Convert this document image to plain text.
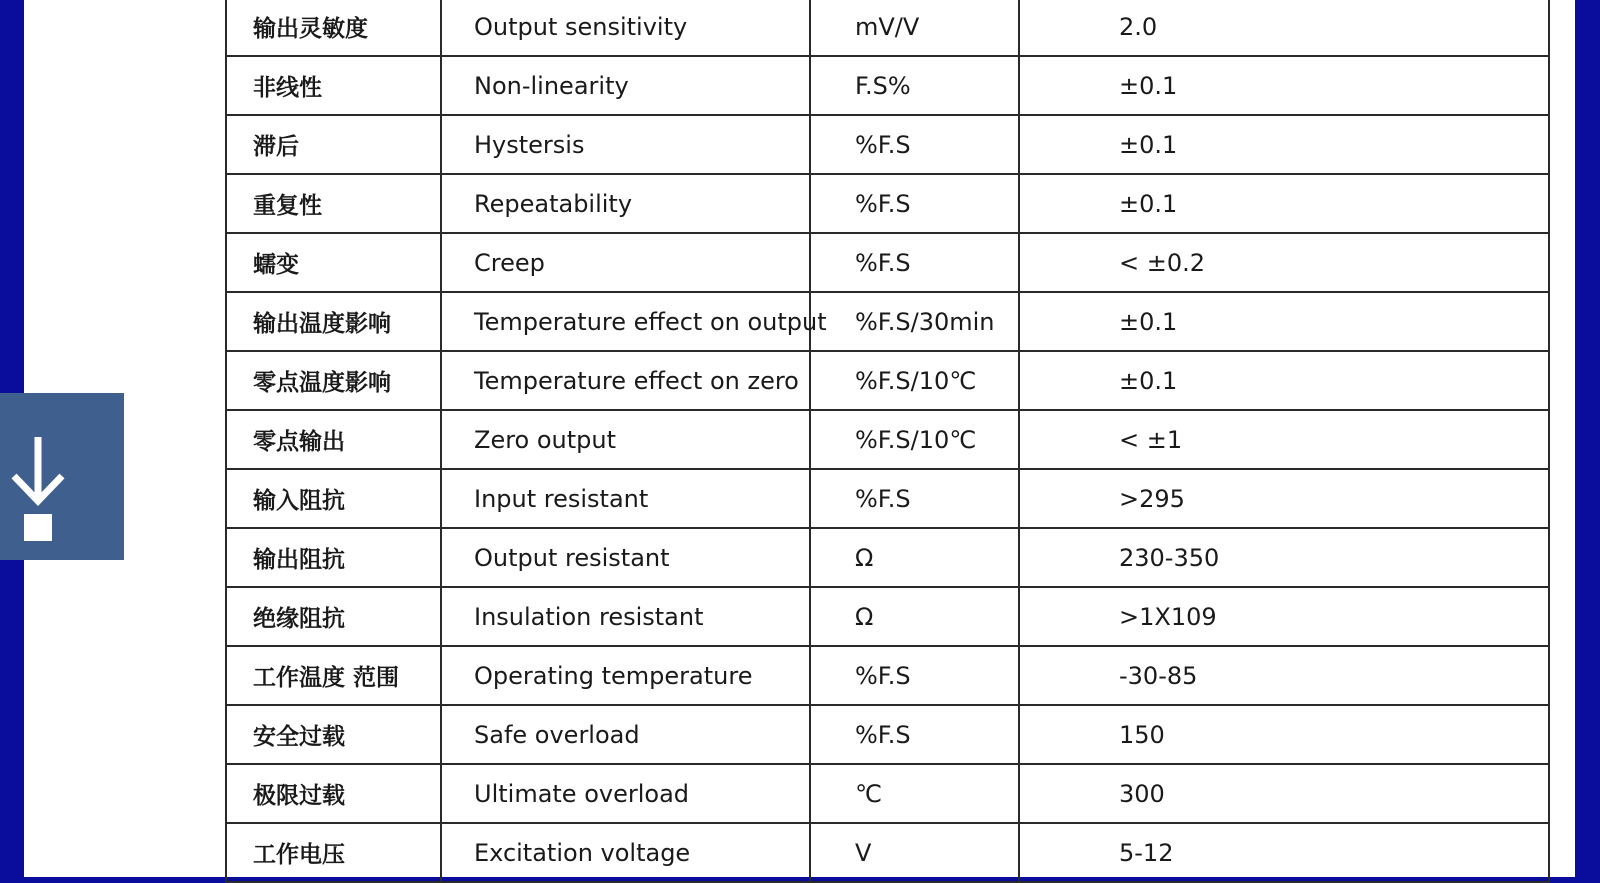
输出灵敏度	Output sensitivity	mV/V	2.0
非线性	Non-linearity	F.S%	±0.1
滞后	Hystersis	%F.S	±0.1
重复性	Repeatability	%F.S	±0.1
蠕变	Creep	%F.S	< ±0.2
输出温度影响	Temperature effect on output	%F.S/30min	±0.1
零点温度影响	Temperature effect on zero	%F.S/10℃	±0.1
零点输出	Zero output	%F.S/10℃	< ±1
输入阻抗	Input resistant	%F.S	>295
输出阻抗	Output resistant	Ω	230-350
绝缘阻抗	Insulation resistant	Ω	>1X109
工作温度 范围	Operating temperature	%F.S	-30-85
安全过载	Safe overload	%F.S	150
极限过载	Ultimate overload	℃	300
工作电压	Excitation voltage	V	5-12
